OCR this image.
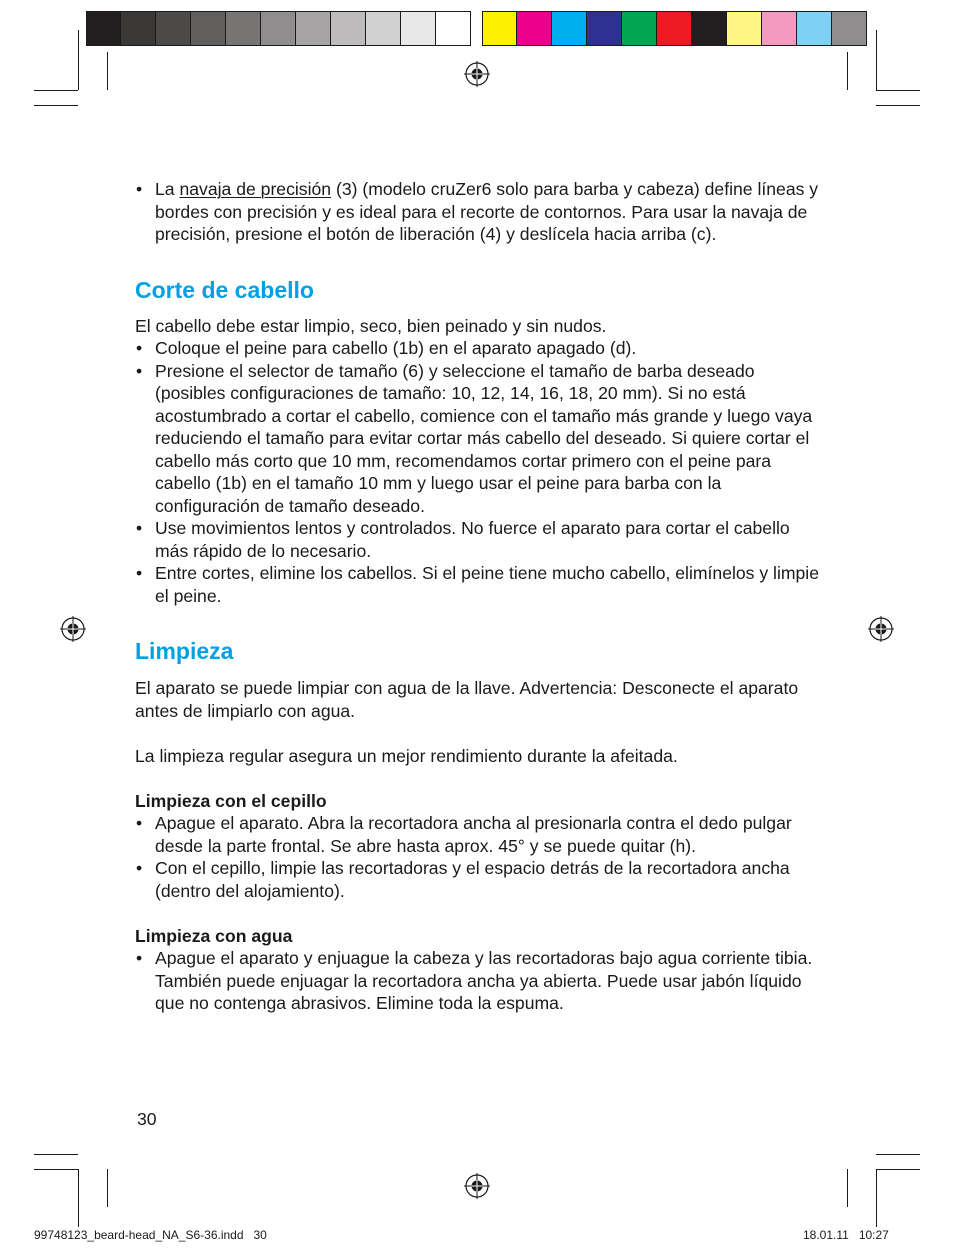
• La navaja de precisión (3) (modelo cruZer6 solo para barba y cabeza) define líneas y bordes con precisión y es ideal para el recorte de contornos. Para usar la navaja de precisión, presione el botón de liberación (4) y deslícela hacia arriba (c).
Corte de cabello

El cabello debe estar limpio, seco, bien peinado y sin nudos.

• Coloque el peine para cabello (1b) en el aparato apagado (d).
• Presione el selector de tamaño (6) y seleccione el tamaño de barba deseado (posibles configuraciones de tamaño: 10, 12, 14, 16, 18, 20 mm). Si no está acostumbrado a cortar el cabello, comience con el tamaño más grande y luego vaya reduciendo el tamaño para evitar cortar más cabello del deseado. Si quiere cortar el cabello más corto que 10 mm, recomendamos cortar primero con el peine para cabello (1b) en el tamaño 10 mm y luego usar el peine para barba con la configuración de tamaño deseado.
• Use movimientos lentos y controlados. No fuerce el aparato para cortar el cabello más rápido de lo necesario.
• Entre cortes, elimine los cabellos. Si el peine tiene mucho cabello, elimínelos y limpie el peine.
Limpieza

El aparato se puede limpiar con agua de la llave. Advertencia: Desconecte el aparato antes de limpiarlo con agua.

La limpieza regular asegura un mejor rendimiento durante la afeitada.

Limpieza con el cepillo
• Apague el aparato. Abra la recortadora ancha al presionarla contra el dedo pulgar desde la parte frontal. Se abre hasta aprox. 45° y se puede quitar (h).
• Con el cepillo, limpie las recortadoras y el espacio detrás de la recortadora ancha (dentro del alojamiento).
Limpieza con agua
• Apague el aparato y enjuague la cabeza y las recortadoras bajo agua corriente tibia. También puede enjuagar la recortadora ancha ya abierta. Puede usar jabón líquido que no contenga abrasivos. Elimine toda la espuma.
30
99748123_beard-head_NA_S6-36.indd   30	18.01.11   10:27
